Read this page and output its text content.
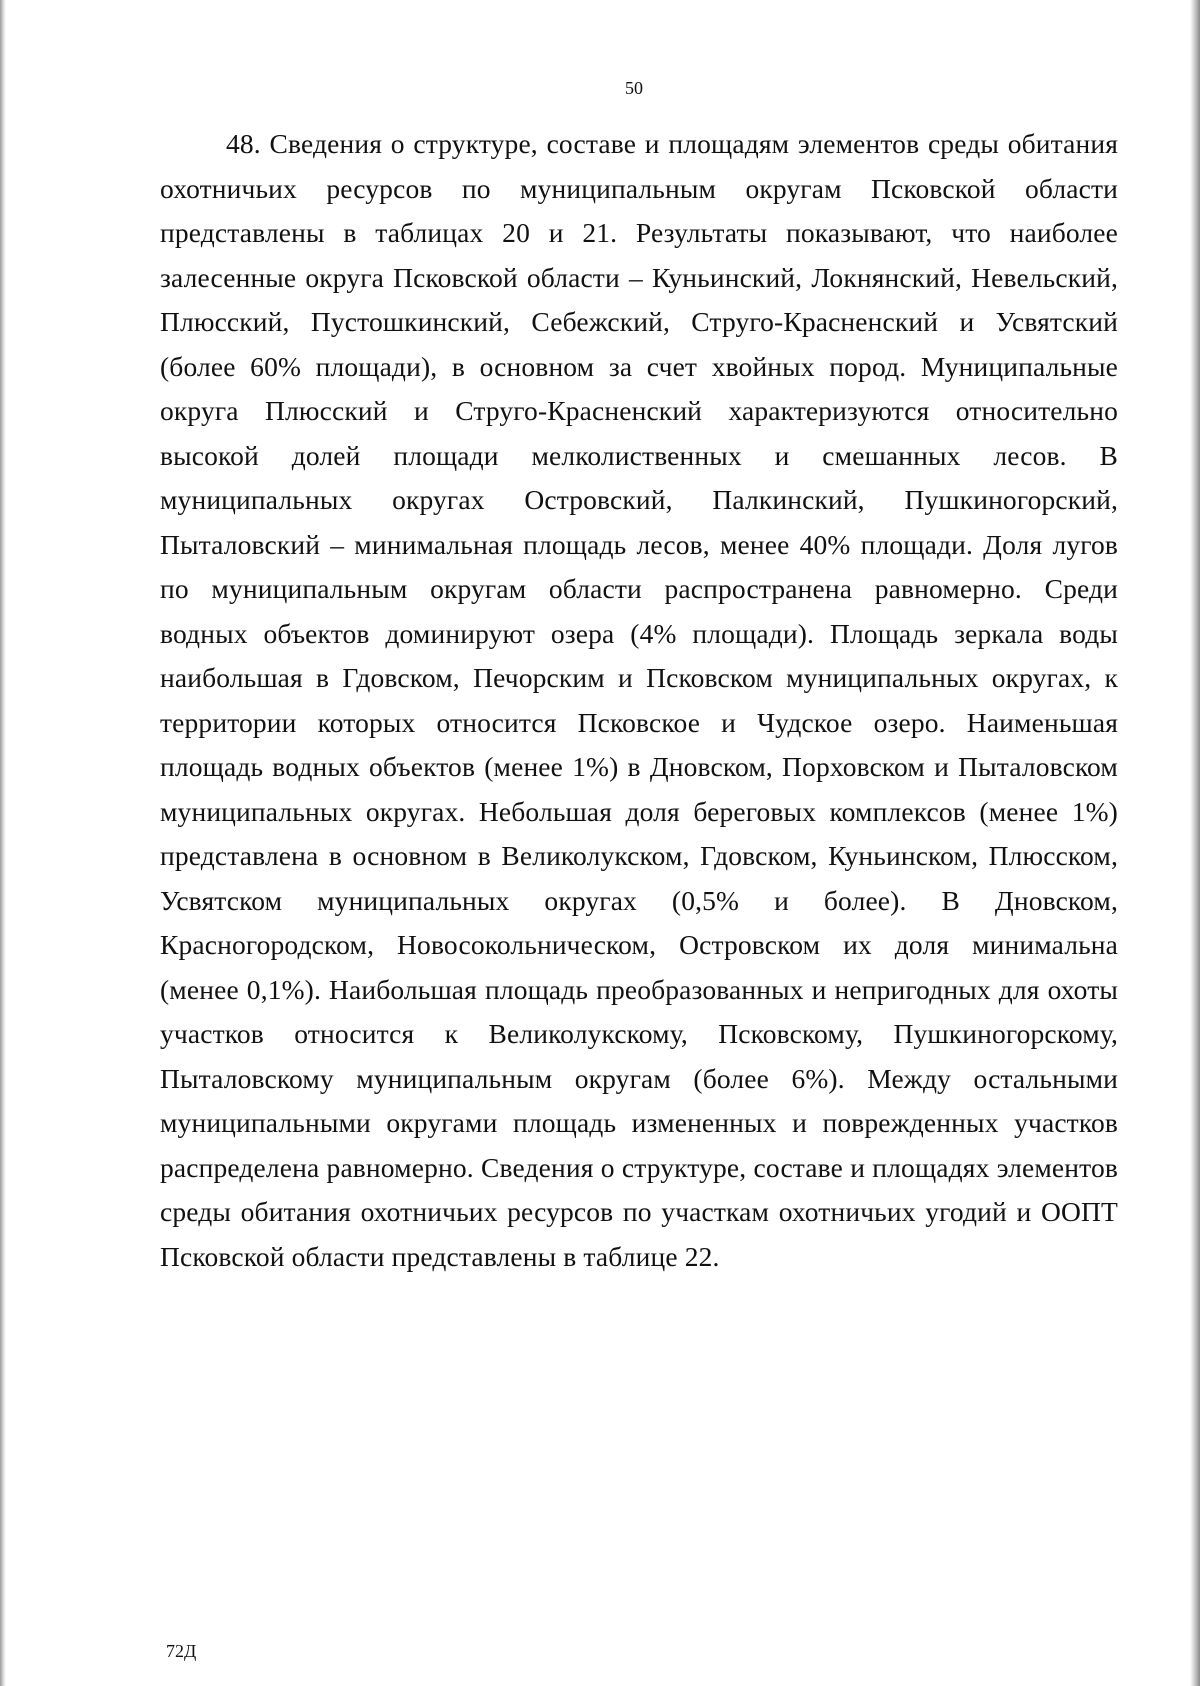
50

48. Сведения о структуре, составе и площадям элементов среды обитания охотничьих ресурсов по муниципальным округам Псковской области представлены в таблицах 20 и 21. Результаты показывают, что наиболее залесенные округа Псковской области – Куньинский, Локнянский, Невельский, Плюсский, Пустошкинский, Себежский, Струго-Красненский и Усвятский (более 60% площади), в основном за счет хвойных пород. Муниципальные округа Плюсский и Струго-Красненский характеризуются относительно высокой долей площади мелколиственных и смешанных лесов. В муниципальных округах Островский, Палкинский, Пушкиногорский, Пыталовский – минимальная площадь лесов, менее 40% площади. Доля лугов по муниципальным округам области распространена равномерно. Среди водных объектов доминируют озера (4% площади). Площадь зеркала воды наибольшая в Гдовском, Печорским и Псковском муниципальных округах, к территории которых относится Псковское и Чудское озеро. Наименьшая площадь водных объектов (менее 1%) в Дновском, Порховском и Пыталовском муниципальных округах. Небольшая доля береговых комплексов (менее 1%) представлена в основном в Великолукском, Гдовском, Куньинском, Плюсском, Усвятском муниципальных округах (0,5% и более). В Дновском, Красногородском, Новосокольническом, Островском их доля минимальна (менее 0,1%). Наибольшая площадь преобразованных и непригодных для охоты участков относится к Великолукскому, Псковскому, Пушкиногорскому, Пыталовскому муниципальным округам (более 6%). Между остальными муниципальными округами площадь измененных и поврежденных участков распределена равномерно. Сведения о структуре, составе и площадях элементов среды обитания охотничьих ресурсов по участкам охотничьих угодий и ООПТ Псковской области представлены в таблице 22.

72Д
